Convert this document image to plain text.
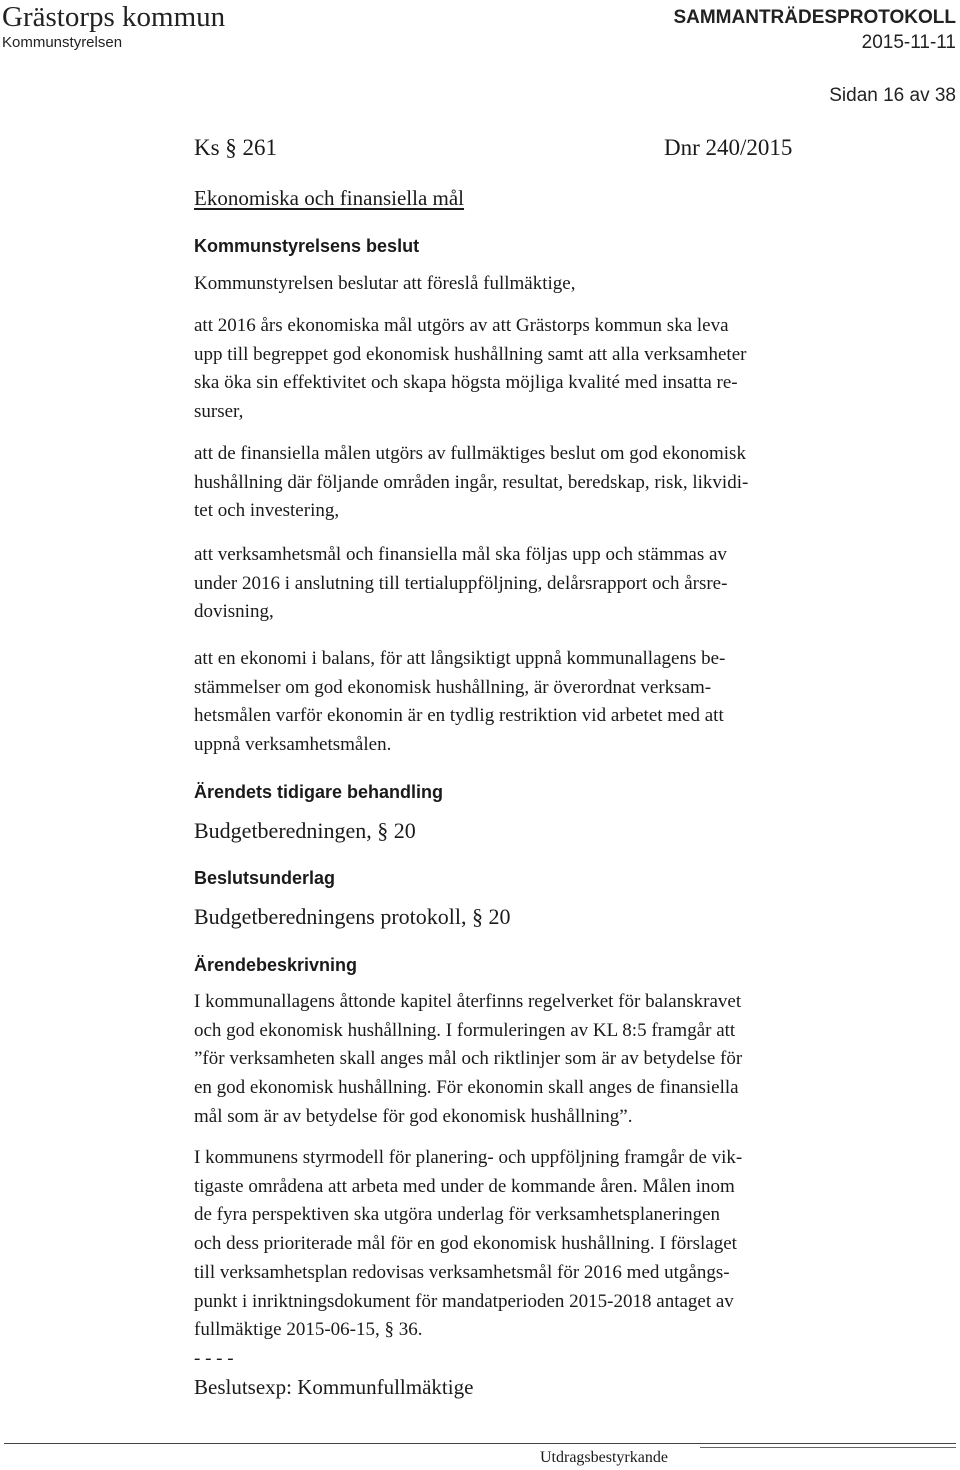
Grästorps kommun
Kommunstyrelsen
SAMMANTRÄDESPROTOKOLL
2015-11-11
Sidan 16 av 38
Ks § 261	Dnr 240/2015
Ekonomiska och finansiella mål
Kommunstyrelsens beslut
Kommunstyrelsen beslutar att föreslå fullmäktige,
att 2016 års ekonomiska mål utgörs av att Grästorps kommun ska leva
upp till begreppet god ekonomisk hushållning samt att alla verksamheter
ska öka sin effektivitet och skapa högsta möjliga kvalité med insatta re-
surser,
att de finansiella målen utgörs av fullmäktiges beslut om god ekonomisk
hushållning där följande områden ingår, resultat, beredskap, risk, likvidi-
tet och investering,
att verksamhetsmål och finansiella mål ska följas upp och stämmas av
under 2016 i anslutning till tertialuppföljning, delårsrapport och årsre-
dovisning,
att en ekonomi i balans, för att långsiktigt uppnå kommunallagens be-
stämmelser om god ekonomisk hushållning, är överordnat verksam-
hetsmålen varför ekonomin är en tydlig restriktion vid arbetet med att
uppnå verksamhetsmålen.
Ärendets tidigare behandling
Budgetberedningen, § 20
Beslutsunderlag
Budgetberedningens protokoll, § 20
Ärendebeskrivning
I kommunallagens åttonde kapitel återfinns regelverket för balanskravet
och god ekonomisk hushållning. I formuleringen av KL 8:5 framgår att
”för verksamheten skall anges mål och riktlinjer som är av betydelse för
en god ekonomisk hushållning. För ekonomin skall anges de finansiella
mål som är av betydelse för god ekonomisk hushållning”.
I kommunens styrmodell för planering- och uppföljning framgår de vik-
tigaste områdena att arbeta med under de kommande åren. Målen inom
de fyra perspektiven ska utgöra underlag för verksamhetsplaneringen
och dess prioriterade mål för en god ekonomisk hushållning. I förslaget
till verksamhetsplan redovisas verksamhetsmål för 2016 med utgångs-
punkt i inriktningsdokument för mandatperioden 2015-2018 antaget av
fullmäktige 2015-06-15, § 36.
- - - -
Beslutsexp: Kommunfullmäktige
Utdragsbestyrkande
